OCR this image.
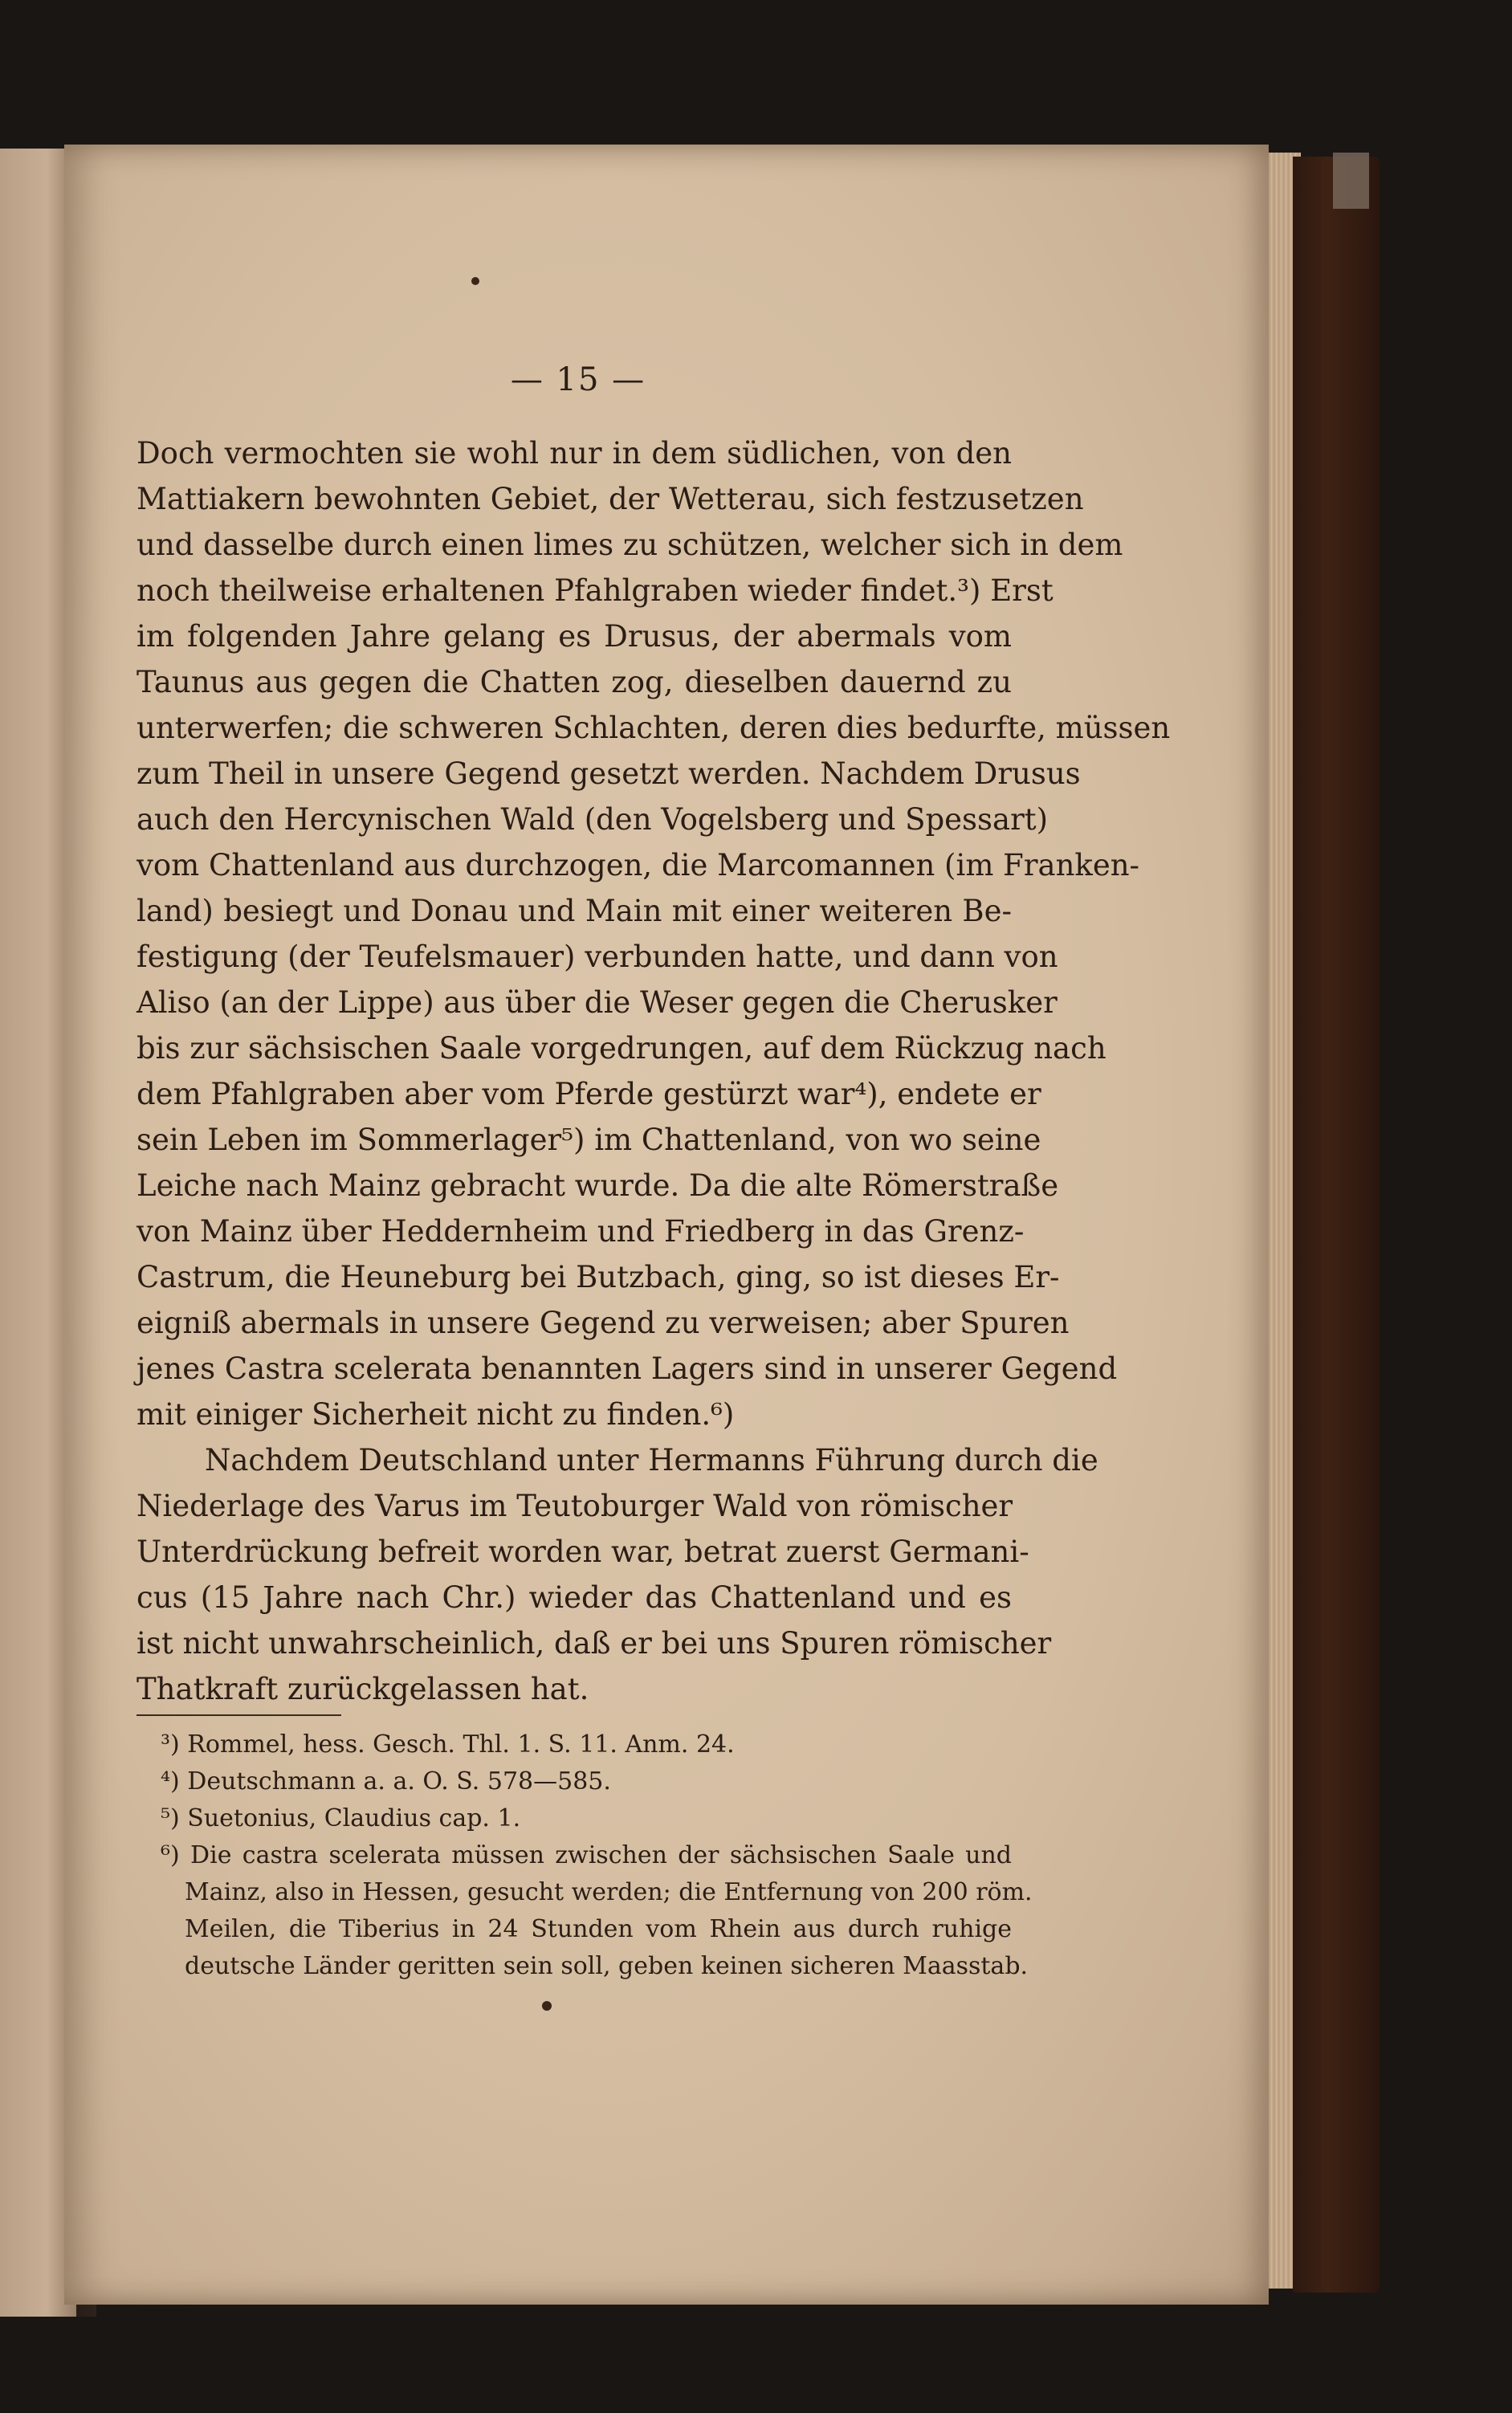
— 15 —
Doch vermochten sie wohl nur in dem südlichen, von den
Mattiakern bewohnten Gebiet, der Wetterau, sich festzusetzen
und dasselbe durch einen limes zu schützen, welcher sich in dem
noch theilweise erhaltenen Pfahlgraben wieder findet.³) Erst
im folgenden Jahre gelang es Drusus, der abermals vom
Taunus aus gegen die Chatten zog, dieselben dauernd zu
unterwerfen; die schweren Schlachten, deren dies bedurfte, müssen
zum Theil in unsere Gegend gesetzt werden. Nachdem Drusus
auch den Hercynischen Wald (den Vogelsberg und Spessart)
vom Chattenland aus durchzogen, die Marcomannen (im Franken-
land) besiegt und Donau und Main mit einer weiteren Be-
festigung (der Teufelsmauer) verbunden hatte, und dann von
Aliso (an der Lippe) aus über die Weser gegen die Cherusker
bis zur sächsischen Saale vorgedrungen, auf dem Rückzug nach
dem Pfahlgraben aber vom Pferde gestürzt war⁴), endete er
sein Leben im Sommerlager⁵) im Chattenland, von wo seine
Leiche nach Mainz gebracht wurde. Da die alte Römerstraße
von Mainz über Heddernheim und Friedberg in das Grenz-
Castrum, die Heuneburg bei Butzbach, ging, so ist dieses Er-
eigniß abermals in unsere Gegend zu verweisen; aber Spuren
jenes Castra scelerata benannten Lagers sind in unserer Gegend
mit einiger Sicherheit nicht zu finden.⁶)
Nachdem Deutschland unter Hermanns Führung durch die
Niederlage des Varus im Teutoburger Wald von römischer
Unterdrückung befreit worden war, betrat zuerst Germani-
cus (15 Jahre nach Chr.) wieder das Chattenland und es
ist nicht unwahrscheinlich, daß er bei uns Spuren römischer
Thatkraft zurückgelassen hat.
³) Rommel, hess. Gesch. Thl. 1. S. 11. Anm. 24.
⁴) Deutschmann a. a. O. S. 578—585.
⁵) Suetonius, Claudius cap. 1.
⁶) Die castra scelerata müssen zwischen der sächsischen Saale und
Mainz, also in Hessen, gesucht werden; die Entfernung von 200 röm.
Meilen, die Tiberius in 24 Stunden vom Rhein aus durch ruhige
deutsche Länder geritten sein soll, geben keinen sicheren Maasstab.
